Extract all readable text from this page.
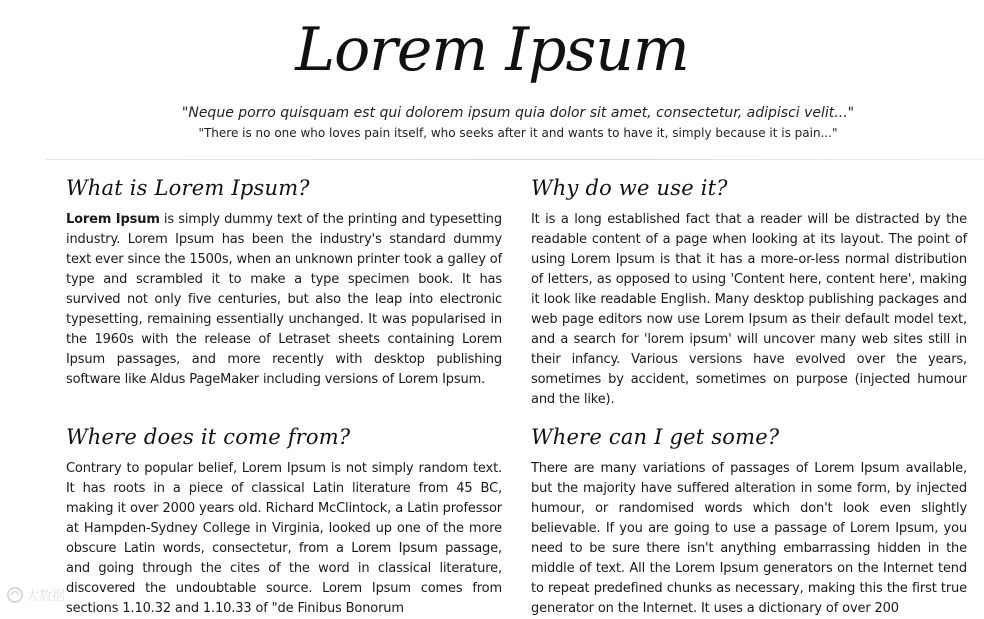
Lorem Ipsum
"Neque porro quisquam est qui dolorem ipsum quia dolor sit amet, consectetur, adipisci velit..."
"There is no one who loves pain itself, who seeks after it and wants to have it, simply because it is pain..."
What is Lorem Ipsum?

Lorem Ipsum is simply dummy text of the printing and typesetting industry. Lorem Ipsum has been the industry's standard dummy text ever since the 1500s, when an unknown printer took a galley of type and scrambled it to make a type specimen book. It has survived not only five centuries, but also the leap into electronic typesetting, remaining essentially unchanged. It was popularised in the 1960s with the release of Letraset sheets containing Lorem Ipsum passages, and more recently with desktop publishing software like Aldus PageMaker including versions of Lorem Ipsum.

Why do we use it?

It is a long established fact that a reader will be distracted by the readable content of a page when looking at its layout. The point of using Lorem Ipsum is that it has a more-or-less normal distribution of letters, as opposed to using 'Content here, content here', making it look like readable English. Many desktop publishing packages and web page editors now use Lorem Ipsum as their default model text, and a search for 'lorem ipsum' will uncover many web sites still in their infancy. Various versions have evolved over the years, sometimes by accident, sometimes on purpose (injected humour and the like).

Where does it come from?

Contrary to popular belief, Lorem Ipsum is not simply random text. It has roots in a piece of classical Latin literature from 45 BC, making it over 2000 years old. Richard McClintock, a Latin professor at Hampden-Sydney College in Virginia, looked up one of the more obscure Latin words, consectetur, from a Lorem Ipsum passage, and going through the cites of the word in classical literature, discovered the undoubtable source. Lorem Ipsum comes from sections 1.10.32 and 1.10.33 of "de Finibus Bonorum

Where can I get some?

There are many variations of passages of Lorem Ipsum available, but the majority have suffered alteration in some form, by injected humour, or randomised words which don't look even slightly believable. If you are going to use a passage of Lorem Ipsum, you need to be sure there isn't anything embarrassing hidden in the middle of text. All the Lorem Ipsum generators on the Internet tend to repeat predefined chunks as necessary, making this the first true generator on the Internet. It uses a dictionary of over 200

大数据
